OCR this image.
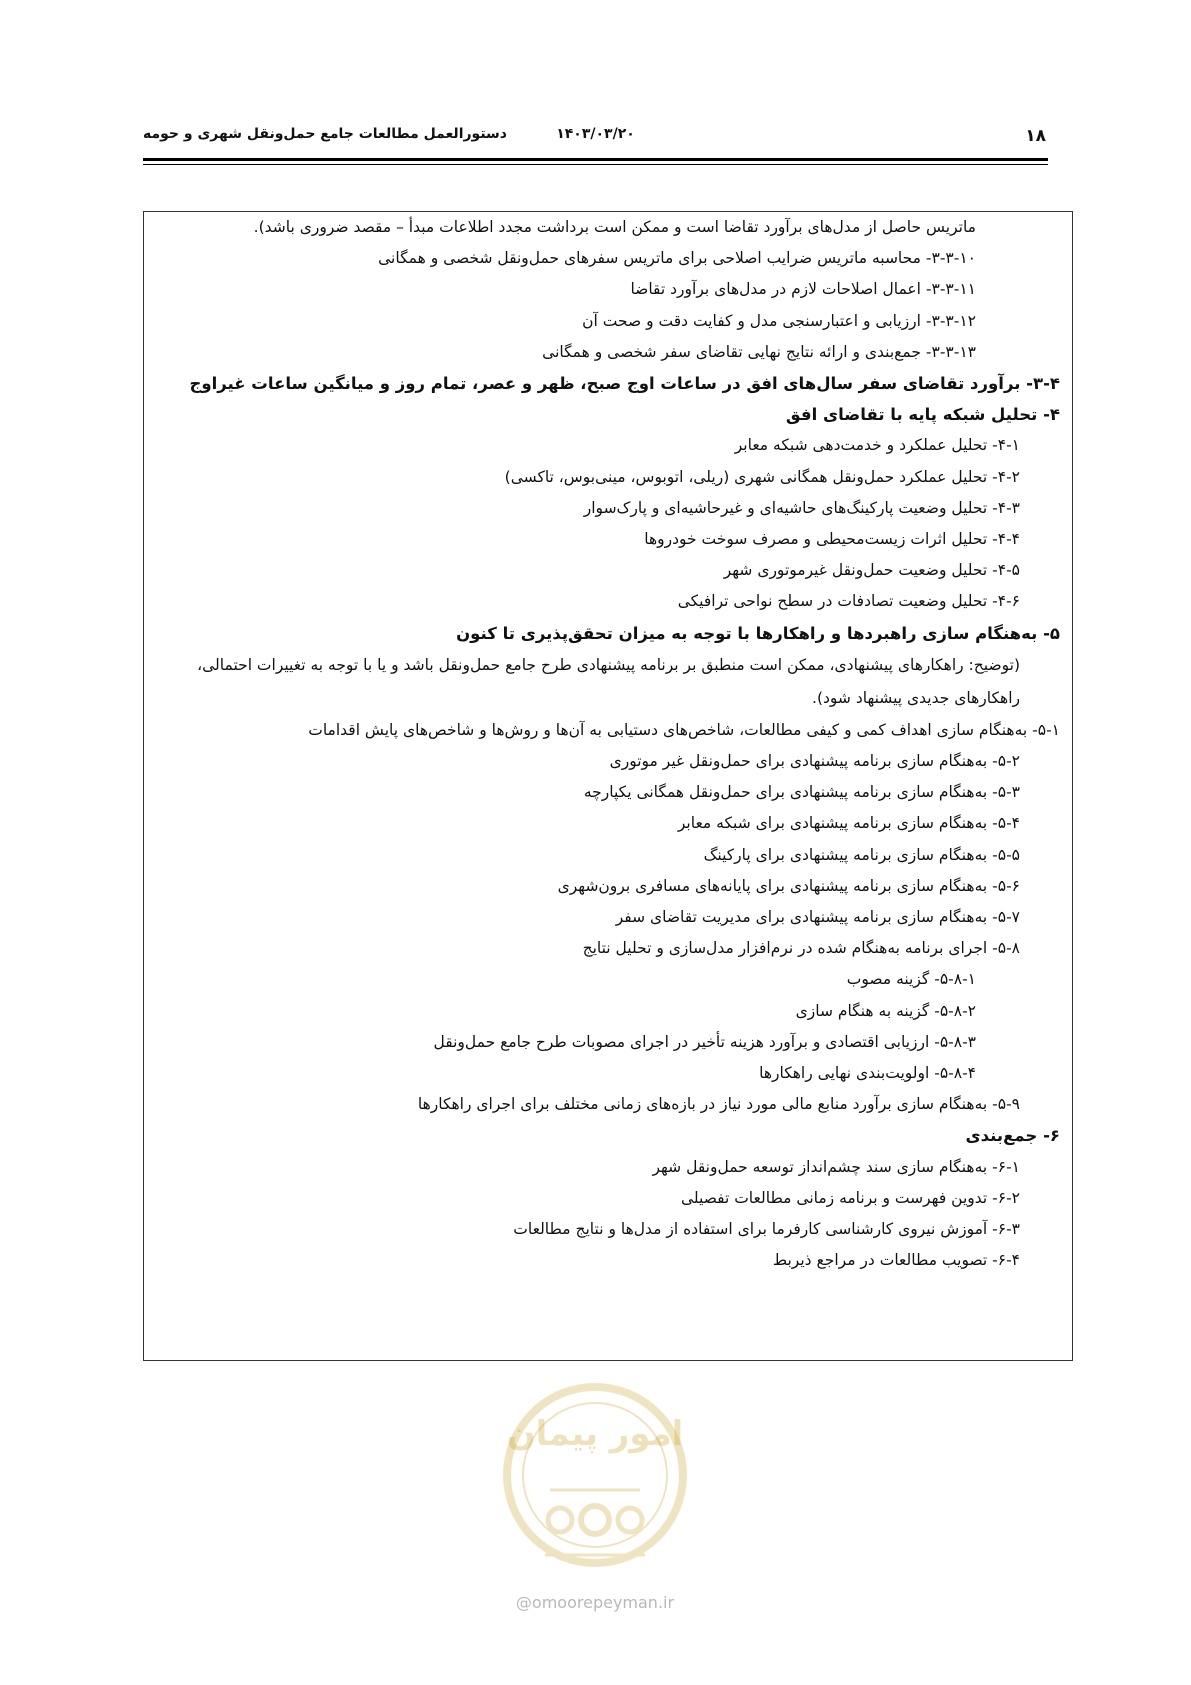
۱۸
۱۴۰۳/۰۳/۲۰
دستورالعمل مطالعات جامع حمل‌ونقل شهری و حومه
ماتریس حاصل از مدل‌های برآورد تقاضا است و ممکن است برداشت مجدد اطلاعات مبدأ – مقصد ضروری باشد).
۳-۳-۱۰- محاسبه ماتریس ضرایب اصلاحی برای ماتریس سفرهای حمل‌ونقل شخصی و همگانی
۳-۳-۱۱- اعمال اصلاحات لازم در مدل‌های برآورد تقاضا
۳-۳-۱۲- ارزیابی و اعتبارسنجی مدل و کفایت دقت و صحت آن
۳-۳-۱۳- جمع‌بندی و ارائه نتایج نهایی تقاضای سفر شخصی و همگانی
۳-۴- برآورد تقاضای سفر سال‌های افق در ساعات اوج صبح، ظهر و عصر، تمام روز و میانگین ساعات غیراوج
۴- تحلیل شبکه پایه با تقاضای افق
۴-۱- تحلیل عملکرد و خدمت‌دهی شبکه معابر
۴-۲- تحلیل عملکرد حمل‌ونقل همگانی شهری (ریلی، اتوبوس، مینی‌بوس، تاکسی)
۴-۳- تحلیل وضعیت پارکینگ‌های حاشیه‌ای و غیرحاشیه‌ای و پارک‌سوار
۴-۴- تحلیل اثرات زیست‌محیطی و مصرف سوخت خودروها
۴-۵- تحلیل وضعیت حمل‌ونقل غیرموتوری شهر
۴-۶- تحلیل وضعیت تصادفات در سطح نواحی ترافیکی
۵- به‌هنگام سازی راهبردها و راهکارها با توجه به میزان تحقق‌پذیری تا کنون
(توضیح: راهکارهای پیشنهادی، ممکن است منطبق بر برنامه پیشنهادی طرح جامع حمل‌ونقل باشد و یا با توجه به تغییرات احتمالی، راهکارهای جدیدی پیشنهاد شود).
۵-۱- به‌هنگام سازی اهداف کمی و کیفی مطالعات، شاخص‌های دستیابی به آن‌ها و روش‌ها و شاخص‌های پایش اقدامات
۵-۲- به‌هنگام سازی برنامه پیشنهادی برای حمل‌ونقل غیر موتوری
۵-۳- به‌هنگام سازی برنامه پیشنهادی برای حمل‌ونقل همگانی یکپارچه
۵-۴- به‌هنگام سازی برنامه پیشنهادی برای شبکه معابر
۵-۵- به‌هنگام سازی برنامه پیشنهادی برای پارکینگ
۵-۶- به‌هنگام سازی برنامه پیشنهادی برای پایانه‌های مسافری برون‌شهری
۵-۷- به‌هنگام سازی برنامه پیشنهادی برای مدیریت تقاضای سفر
۵-۸- اجرای برنامه به‌هنگام شده در نرم‌افزار مدل‌سازی و تحلیل نتایج
۵-۸-۱- گزینه مصوب
۵-۸-۲- گزینه به هنگام سازی
۵-۸-۳- ارزیابی اقتصادی و برآورد هزینه تأخیر در اجرای مصوبات طرح جامع حمل‌ونقل
۵-۸-۴- اولویت‌بندی نهایی راهکارها
۵-۹- به‌هنگام سازی برآورد منابع مالی مورد نیاز در بازه‌های زمانی مختلف برای اجرای راهکارها
۶- جمع‌بندی
۶-۱- به‌هنگام سازی سند چشم‌انداز توسعه حمل‌ونقل شهر
۶-۲- تدوین فهرست و برنامه زمانی مطالعات تفصیلی
۶-۳- آموزش نیروی کارشناسی کارفرما برای استفاده از مدل‌ها و نتایج مطالعات
۶-۴- تصویب مطالعات در مراجع ذیربط
امور پیمان
@omoorepeyman.ir
